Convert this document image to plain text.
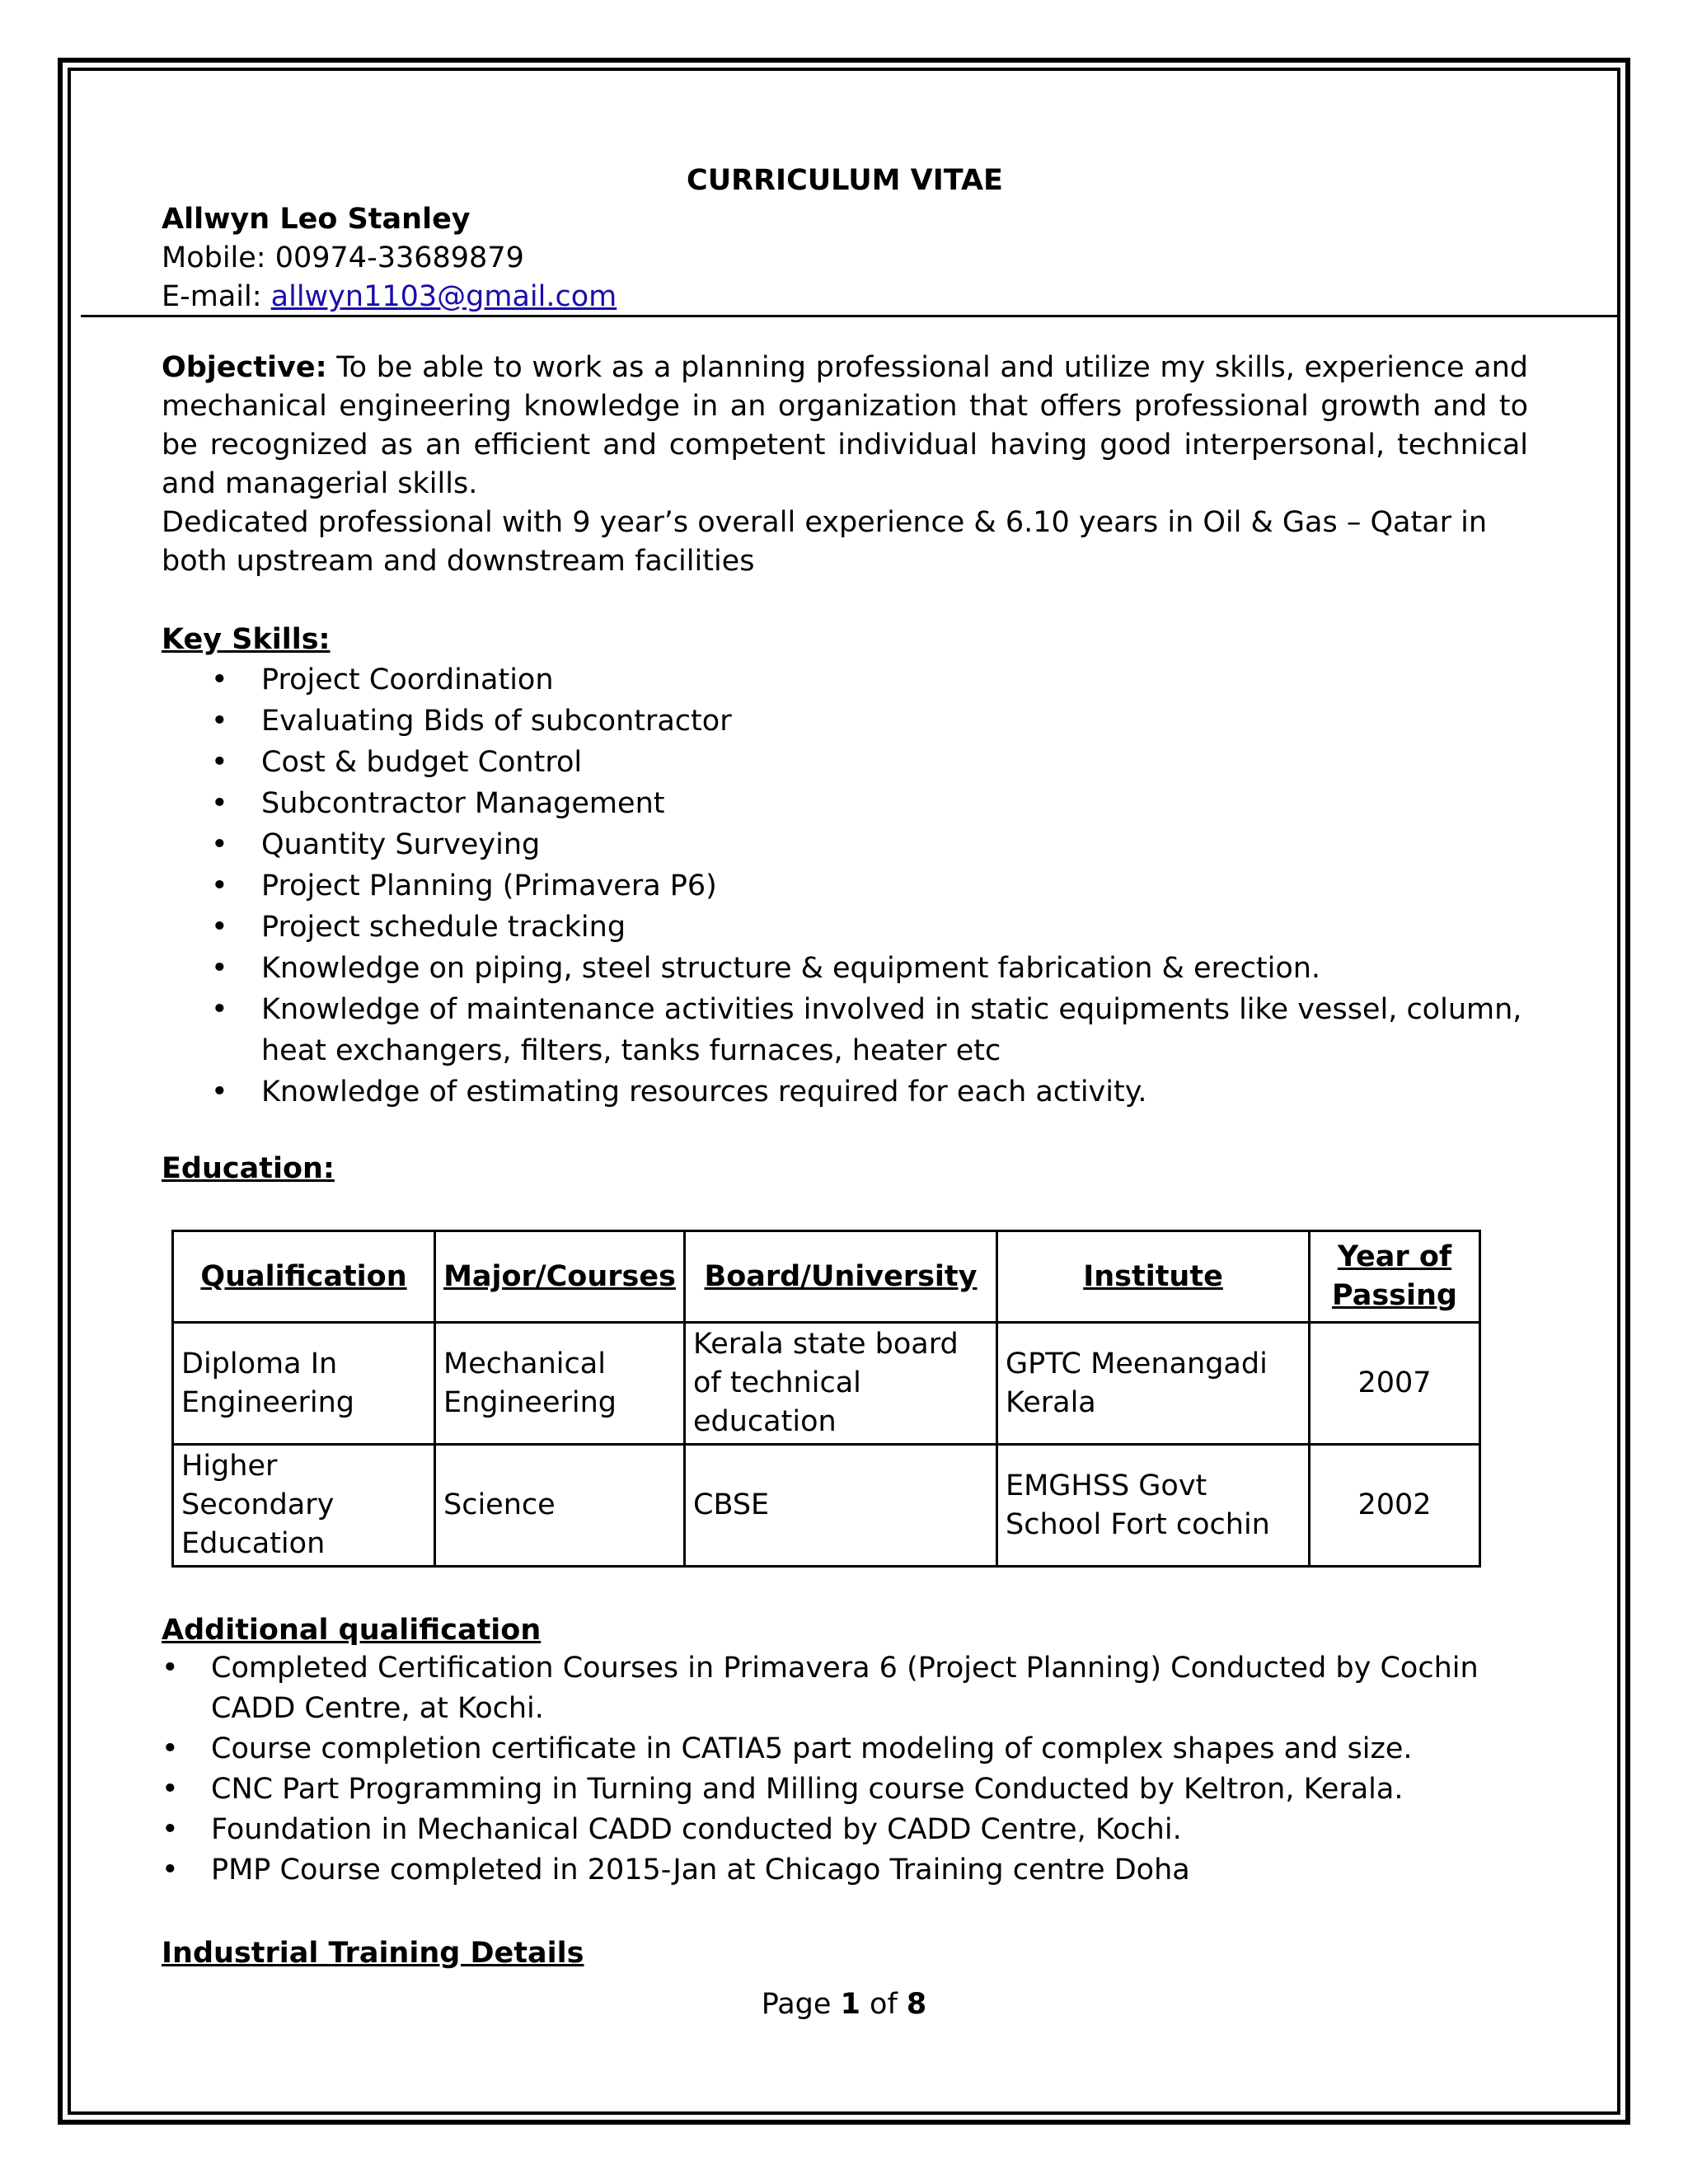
CURRICULUM VITAE

Allwyn Leo Stanley

Mobile: 00974-33689879

E-mail: allwyn1103@gmail.com

Objective: To be able to work as a planning professional and utilize my skills, experience and mechanical engineering knowledge in an organization that offers professional growth and to be recognized as an efficient and competent individual having good interpersonal, technical and managerial skills.

Dedicated professional with 9 year’s overall experience & 6.10 years in Oil & Gas – Qatar in both upstream and downstream facilities

Key Skills:

• Project Coordination
• Evaluating Bids of subcontractor
• Cost & budget Control
• Subcontractor Management
• Quantity Surveying
• Project Planning (Primavera P6)
• Project schedule tracking
• Knowledge on piping, steel structure & equipment fabrication & erection.
• Knowledge of maintenance activities involved in static equipments like vessel, column, heat exchangers, filters, tanks furnaces, heater etc
• Knowledge of estimating resources required for each activity.

Education:

Qualification	Major/Courses	Board/University	Institute	Year of Passing
Diploma In Engineering	Mechanical Engineering	Kerala state board of technical education	GPTC Meenangadi Kerala	2007
Higher Secondary Education	Science	CBSE	EMGHSS Govt School Fort cochin	2002

Additional qualification

• Completed Certification Courses in Primavera 6 (Project Planning) Conducted by Cochin CADD Centre, at Kochi.
• Course completion certificate in CATIA5 part modeling of complex shapes and size.
• CNC Part Programming in Turning and Milling course Conducted by Keltron, Kerala.
• Foundation in Mechanical CADD conducted by CADD Centre, Kochi.
• PMP Course completed in 2015-Jan at Chicago Training centre Doha

Industrial Training Details

Page 1 of 8
